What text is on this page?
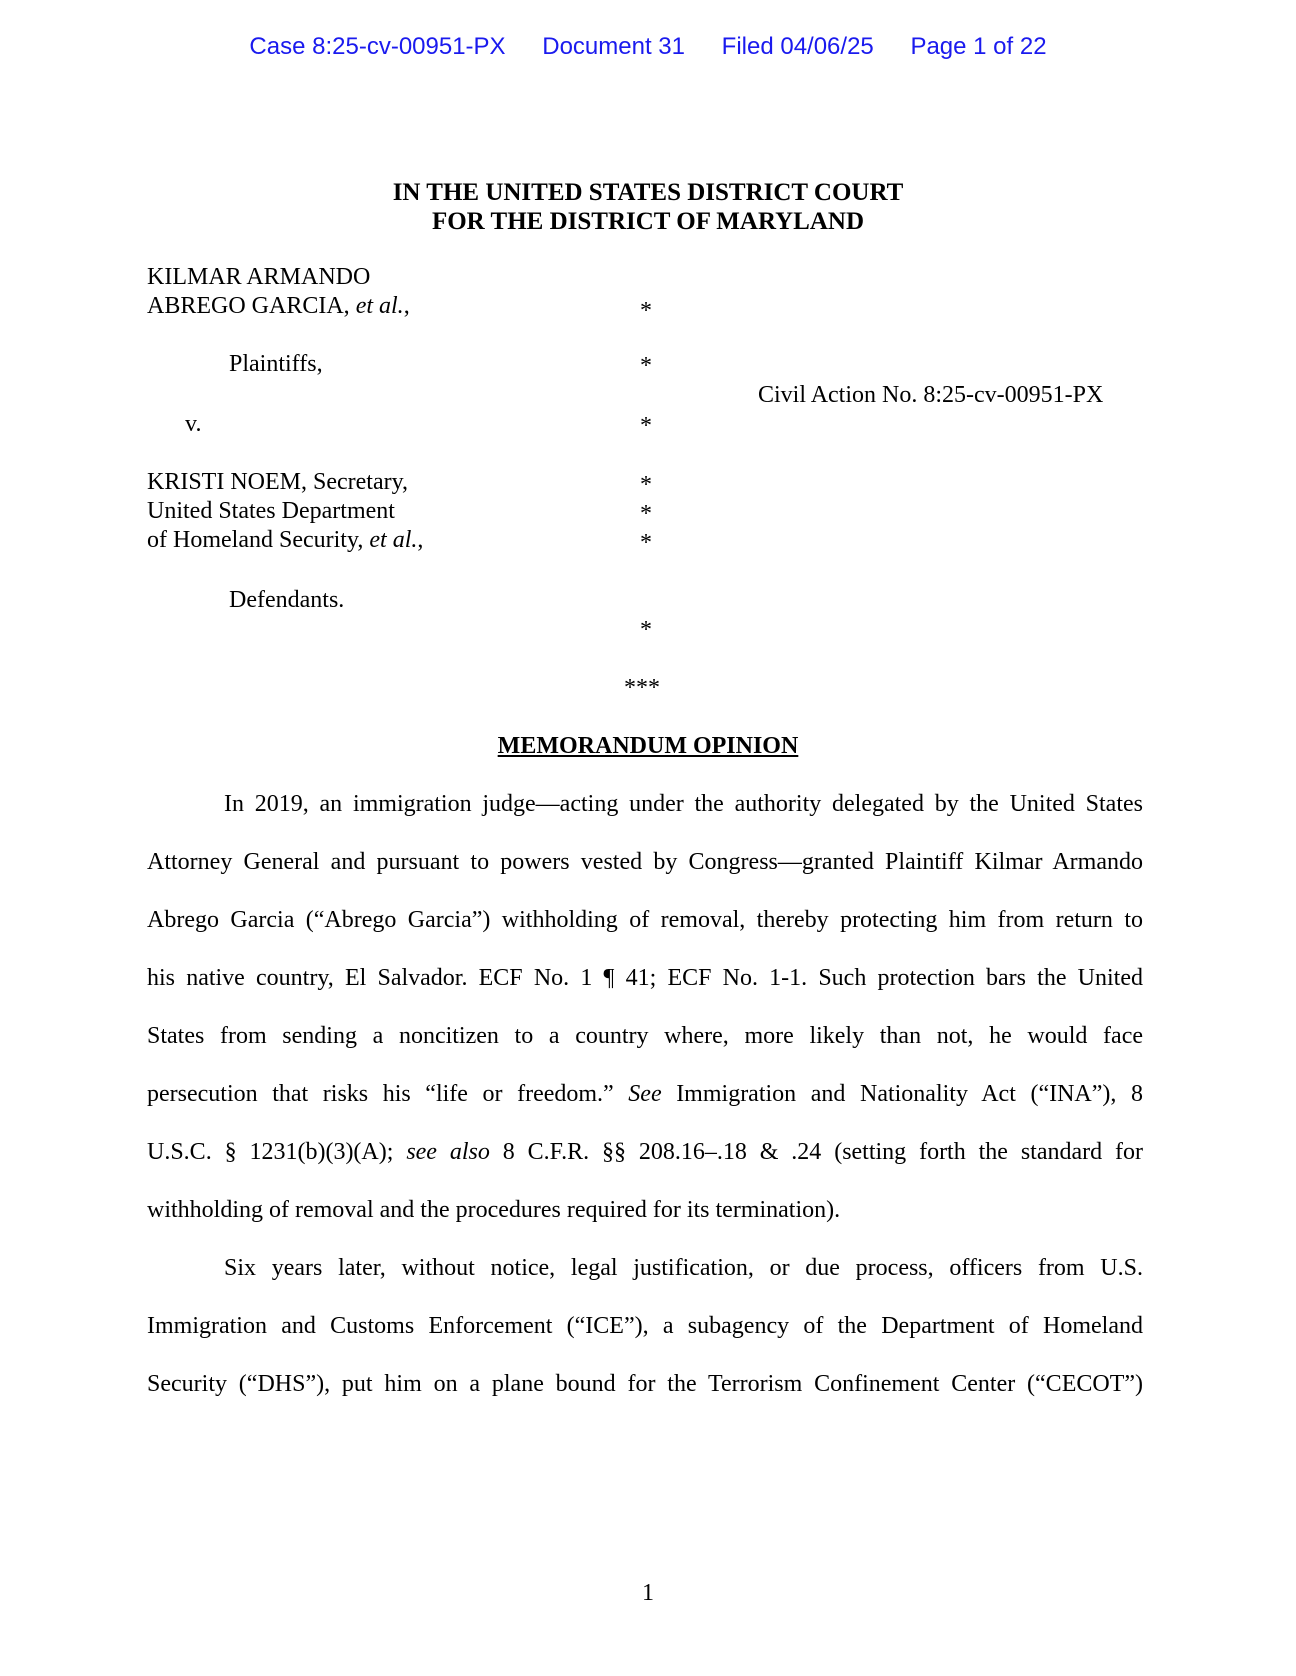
Case 8:25-cv-00951-PX Document 31 Filed 04/06/25 Page 1 of 22
IN THE UNITED STATES DISTRICT COURT
FOR THE DISTRICT OF MARYLAND
KILMAR ARMANDO
ABREGO GARCIA, et al.,
Plaintiffs,
v.
KRISTI NOEM, Secretary,
United States Department
of Homeland Security, et al.,
Defendants.
Civil Action No. 8:25-cv-00951-PX
*
*
*
*
*
*
*
***
MEMORANDUM OPINION
In 2019, an immigration judge—acting under the authority delegated by the United States
Attorney General and pursuant to powers vested by Congress—granted Plaintiff Kilmar Armando
Abrego Garcia (“Abrego Garcia”) withholding of removal, thereby protecting him from return to
his native country, El Salvador. ECF No. 1 ¶ 41; ECF No. 1-1. Such protection bars the United
States from sending a noncitizen to a country where, more likely than not, he would face
persecution that risks his “life or freedom.” See Immigration and Nationality Act (“INA”), 8
U.S.C. § 1231(b)(3)(A); see also 8 C.F.R. §§ 208.16–.18 & .24 (setting forth the standard for
withholding of removal and the procedures required for its termination).
Six years later, without notice, legal justification, or due process, officers from U.S.
Immigration and Customs Enforcement (“ICE”), a subagency of the Department of Homeland
Security (“DHS”), put him on a plane bound for the Terrorism Confinement Center (“CECOT”)
1
